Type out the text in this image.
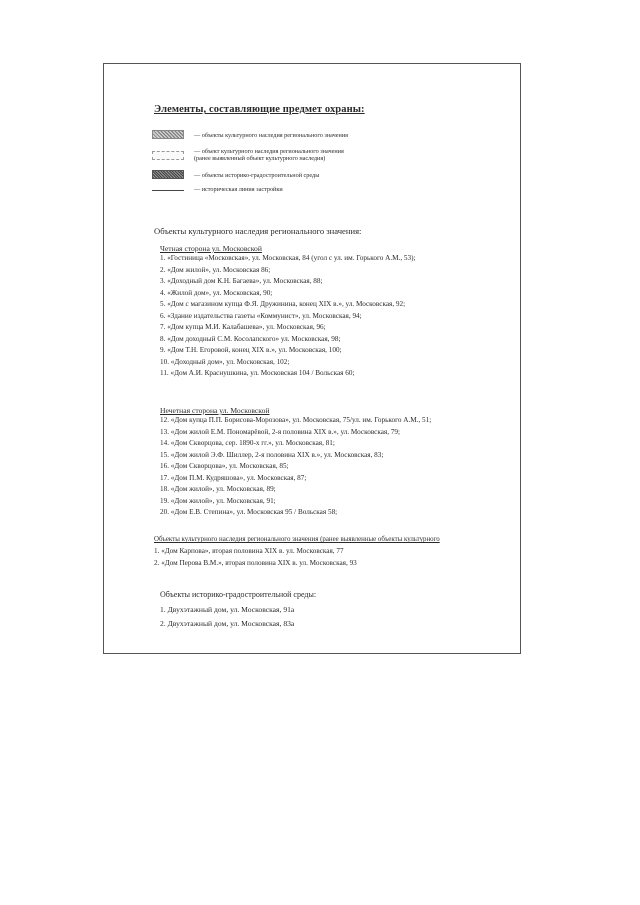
Элементы, составляющие предмет охраны:
— объекты культурного наследия регионального значения
— объект культурного наследия регионального значения
(ранее выявленный объект культурного наследия)
— объекты историко-градостроительной среды
— историческая линия застройки
Объекты культурного наследия регионального значения:
Четная сторона ул. Московской
1. «Гостиница «Московская», ул. Московская, 84 (угол с ул. им. Горького А.М., 53);
2. «Дом жилой», ул. Московская 86;
3. «Доходный дом К.Н. Багаева», ул. Московская, 88;
4. «Жилой дом», ул. Московская, 90;
5. «Дом с магазином купца Ф.Я. Дружинина, конец XIX в.», ул. Московская, 92;
6. «Здание издательства газеты «Коммунист», ул. Московская, 94;
7. «Дом купца М.И. Калабашева», ул. Московская, 96;
8. «Дом доходный С.М. Косолапского» ул. Московская, 98;
9. «Дом Т.Н. Егоровой, конец XIX в.», ул. Московская, 100;
10. «Доходный дом», ул. Московская, 102;
11. «Дом А.И. Краснушкина, ул. Московская 104 / Вольская 60;
Нечетная сторона ул. Московской
12. «Дом купца П.П. Борисова-Морозова», ул. Московская, 75/ул. им. Горького А.М., 51;
13. «Дом жилой Е.М. Пономарёвой, 2-я половина XIX в.», ул. Московская, 79;
14. «Дом Скворцова, сер. 1890-х гг.», ул. Московская, 81;
15. «Дом жилой Э.Ф. Шиллер, 2-я половина XIX в.», ул. Московская, 83;
16. «Дом Скворцова», ул. Московская, 85;
17. «Дом П.М. Кудряшова», ул. Московская, 87;
18. «Дом жилой», ул. Московская, 89;
19. «Дом жилой», ул. Московская, 91;
20. «Дом Е.В. Степина», ул. Московская 95 / Вольская 58;
Объекты культурного наследия регионального значения (ранее выявленные объекты культурного
1. «Дом Карпова», вторая половина XIX в. ул. Московская, 77
2. «Дом Перова В.М.», вторая половина XIX в. ул. Московская, 93
Объекты историко-градостроительной среды:
1. Двухэтажный дом, ул. Московская, 91а
2. Двухэтажный дом, ул. Московская, 83а
